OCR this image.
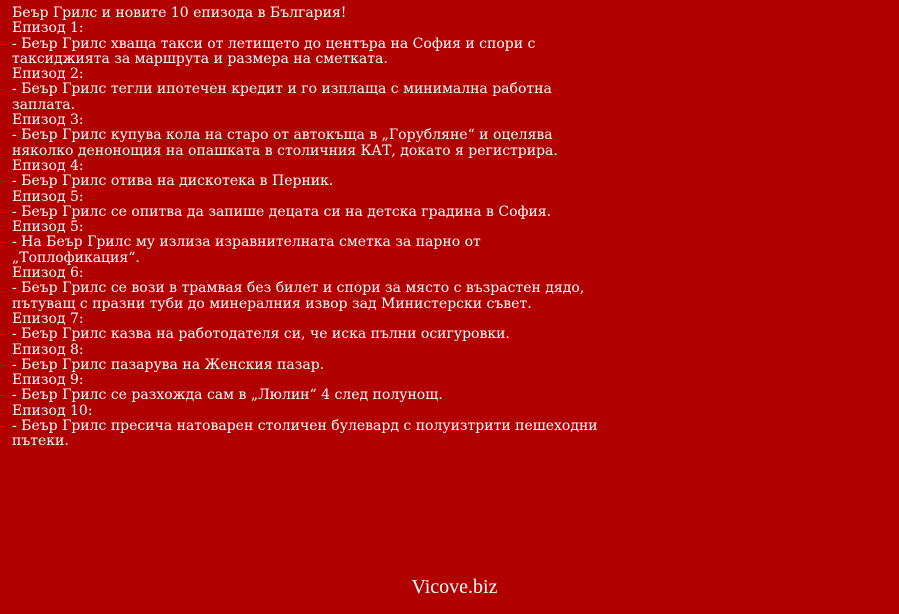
Беър Грилс и новите 10 епизода в България!
Епизод 1:
- Беър Грилс хваща такси от летището до центъра на София и спори с
таксиджията за маршрута и размера на сметката.
Епизод 2:
- Беър Грилс тегли ипотечен кредит и го изплаща с минимална работна
заплата.
Епизод 3:
- Беър Грилс купува кола на старо от автокъща в „Горубляне“ и оцелява
няколко денонощия на опашката в столичния КАТ, докато я регистрира.
Епизод 4:
- Беър Грилс отива на дискотека в Перник.
Епизод 5:
- Беър Грилс се опитва да запише децата си на детска градина в София.
Епизод 5:
- На Беър Грилс му излиза изравнителната сметка за парно от
„Топлофикация“.
Епизод 6:
- Беър Грилс се вози в трамвая без билет и спори за място с възрастен дядо,
пътуващ с празни туби до минералния извор зад Министерски съвет.
Епизод 7:
- Беър Грилс казва на работодателя си, че иска пълни осигуровки.
Епизод 8:
- Беър Грилс пазарува на Женския пазар.
Епизод 9:
- Беър Грилс се разхожда сам в „Люлин“ 4 след полунощ.
Епизод 10:
- Беър Грилс пресича натоварен столичен булевард с полуизтрити пешеходни
пътеки.
Vicove.biz
